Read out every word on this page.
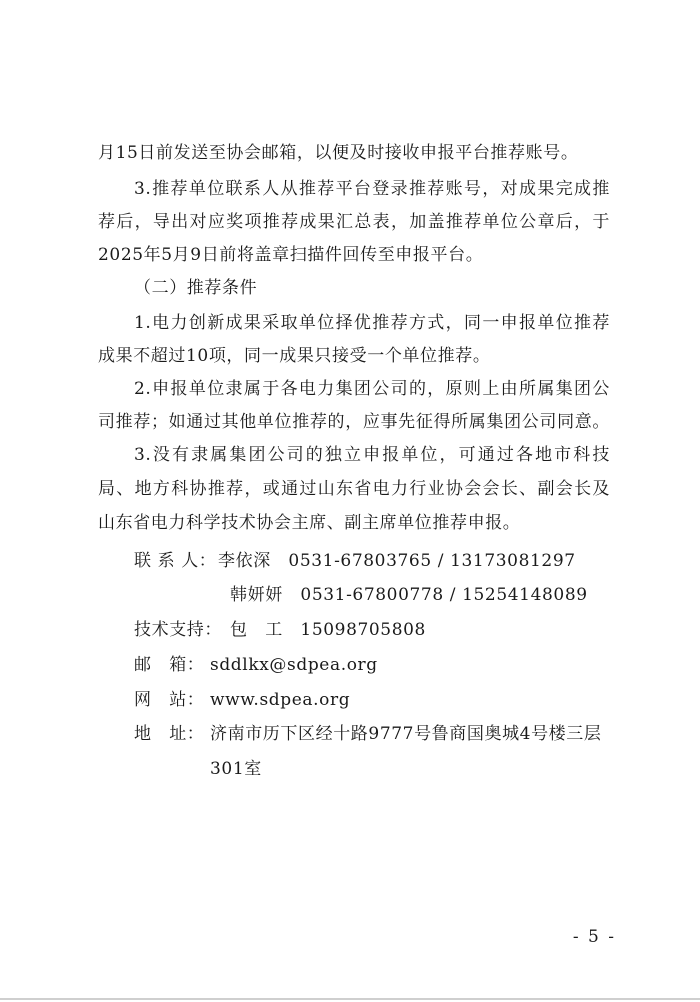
月15日前发送至协会邮箱，以便及时接收申报平台推荐账号。
3.推荐单位联系人从推荐平台登录推荐账号，对成果完成推
荐后，导出对应奖项推荐成果汇总表，加盖推荐单位公章后，于
2025年5月9日前将盖章扫描件回传至申报平台。
（二）推荐条件
1.电力创新成果采取单位择优推荐方式，同一申报单位推荐
成果不超过10项，同一成果只接受一个单位推荐。
2.申报单位隶属于各电力集团公司的，原则上由所属集团公
司推荐；如通过其他单位推荐的，应事先征得所属集团公司同意。
3.没有隶属集团公司的独立申报单位，可通过各地市科技
局、地方科协推荐，或通过山东省电力行业协会会长、副会长及
山东省电力科学技术协会主席、副主席单位推荐申报。
联 系 人： 李依深　0531-67803765 / 13173081297
韩妍妍　0531-67800778 / 15254148089
技术支持： 包　工　15098705808
邮　箱： sddlkx@sdpea.org
网　站： www.sdpea.org
地　址： 济南市历下区经十路9777号鲁商国奥城4号楼三层
301室
- 5 -
